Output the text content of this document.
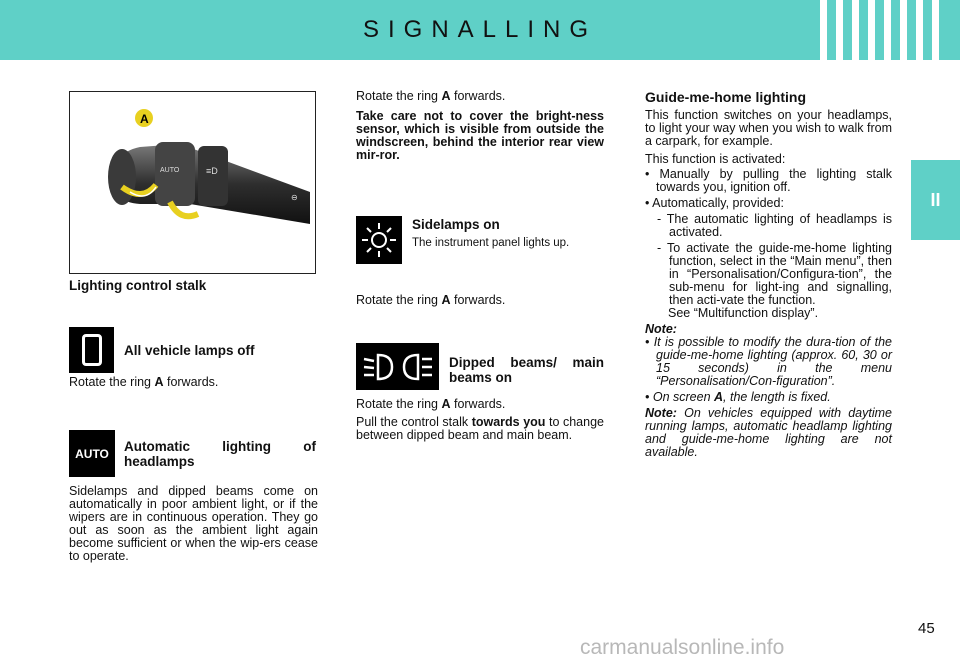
SIGNALLING
II
AUTO	≡D
⊖
A
Lighting control stalk
All vehicle lamps off
Rotate the ring A forwards.
AUTO	Automatic lighting of headlamps
Sidelamps and dipped beams come on automatically in poor ambient light, or if the wipers are in continuous operation. They go out as soon as the ambient light again become sufficient or when the wip-ers cease to operate.
Rotate the ring A forwards.
Take care not to cover the bright-ness sensor, which is visible from outside the windscreen, behind the interior rear view mir-ror.
Sidelamps on
The instrument panel lights up.
Rotate the ring A forwards.
Dipped beams/ main beams on

Rotate the ring A forwards.

Pull the control stalk towards you to change between dipped beam and main beam.

Guide-me-home lighting

This function switches on your headlamps, to light your way when you wish to walk from a carpark, for example.

This function is activated:

• Manually by pulling the lighting stalk towards you, ignition off.
• Automatically, provided:
- The automatic lighting of headlamps is activated.
- To activate the guide-me-home lighting function, select in the “Main menu”, then in “Personalisation/Configura-tion”, the sub-menu for light-ing and signalling, then acti-vate the function.
See “Multifunction display”.
Note:
• It is possible to modify the dura-tion of the guide-me-home lighting (approx. 60, 30 or 15 seconds) in the menu “Personalisation/Con-figuration”.
• On screen A, the length is fixed.
Note: On vehicles equipped with daytime running lamps, automatic headlamp lighting and guide-me-home lighting are not available.
45
carmanualsonline.info
